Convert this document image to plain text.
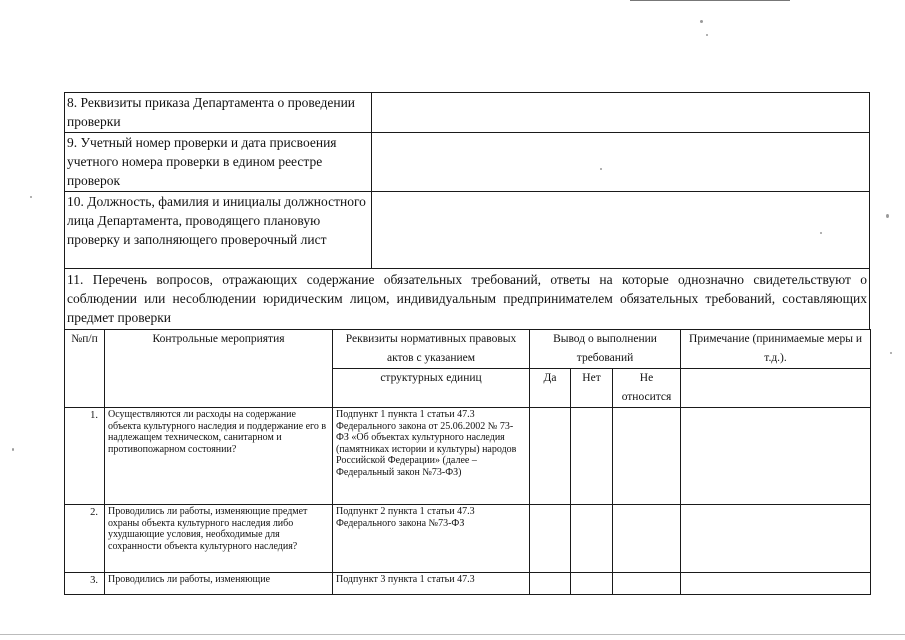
8. Реквизиты приказа Департамента о проведении проверки	
9. Учетный номер проверки и дата присвоения учетного номера проверки в едином реестре проверок	
10. Должность, фамилия и инициалы должностного лица Департамента, проводящего плановую проверку и заполняющего проверочный лист	
11. Перечень вопросов, отражающих содержание обязательных требований, ответы на которые однозначно свидетельствуют о соблюдении или несоблюдении юридическим лицом, индивидуальным предпринимателем обязательных требований, составляющих предмет проверки
№п/п	Контрольные мероприятия	Реквизиты нормативных правовых актов с указанием	Вывод о выполнении требований			Примечание (принимаемые меры и т.д.).
		структурных единиц	Да	Нет	Не относится	
1.	Осуществляются ли расходы на содержание объекта культурного наследия и поддержание его в надлежащем техническом, санитарном и противопожарном состоянии?	Подпункт 1 пункта 1 статьи 47.3 Федерального закона от 25.06.2002 № 73-ФЗ «Об объектах культурного наследия (памятниках истории и культуры) народов Российской Федерации» (далее – Федеральный закон №73-ФЗ)				
2.	Проводились ли работы, изменяющие предмет охраны объекта культурного наследия либо ухудшающие условия, необходимые для сохранности объекта культурного наследия?	Подпункт 2 пункта 1 статьи 47.3 Федерального закона №73-ФЗ				
3.	Проводились ли работы, изменяющие	Подпункт 3 пункта 1 статьи 47.3				
